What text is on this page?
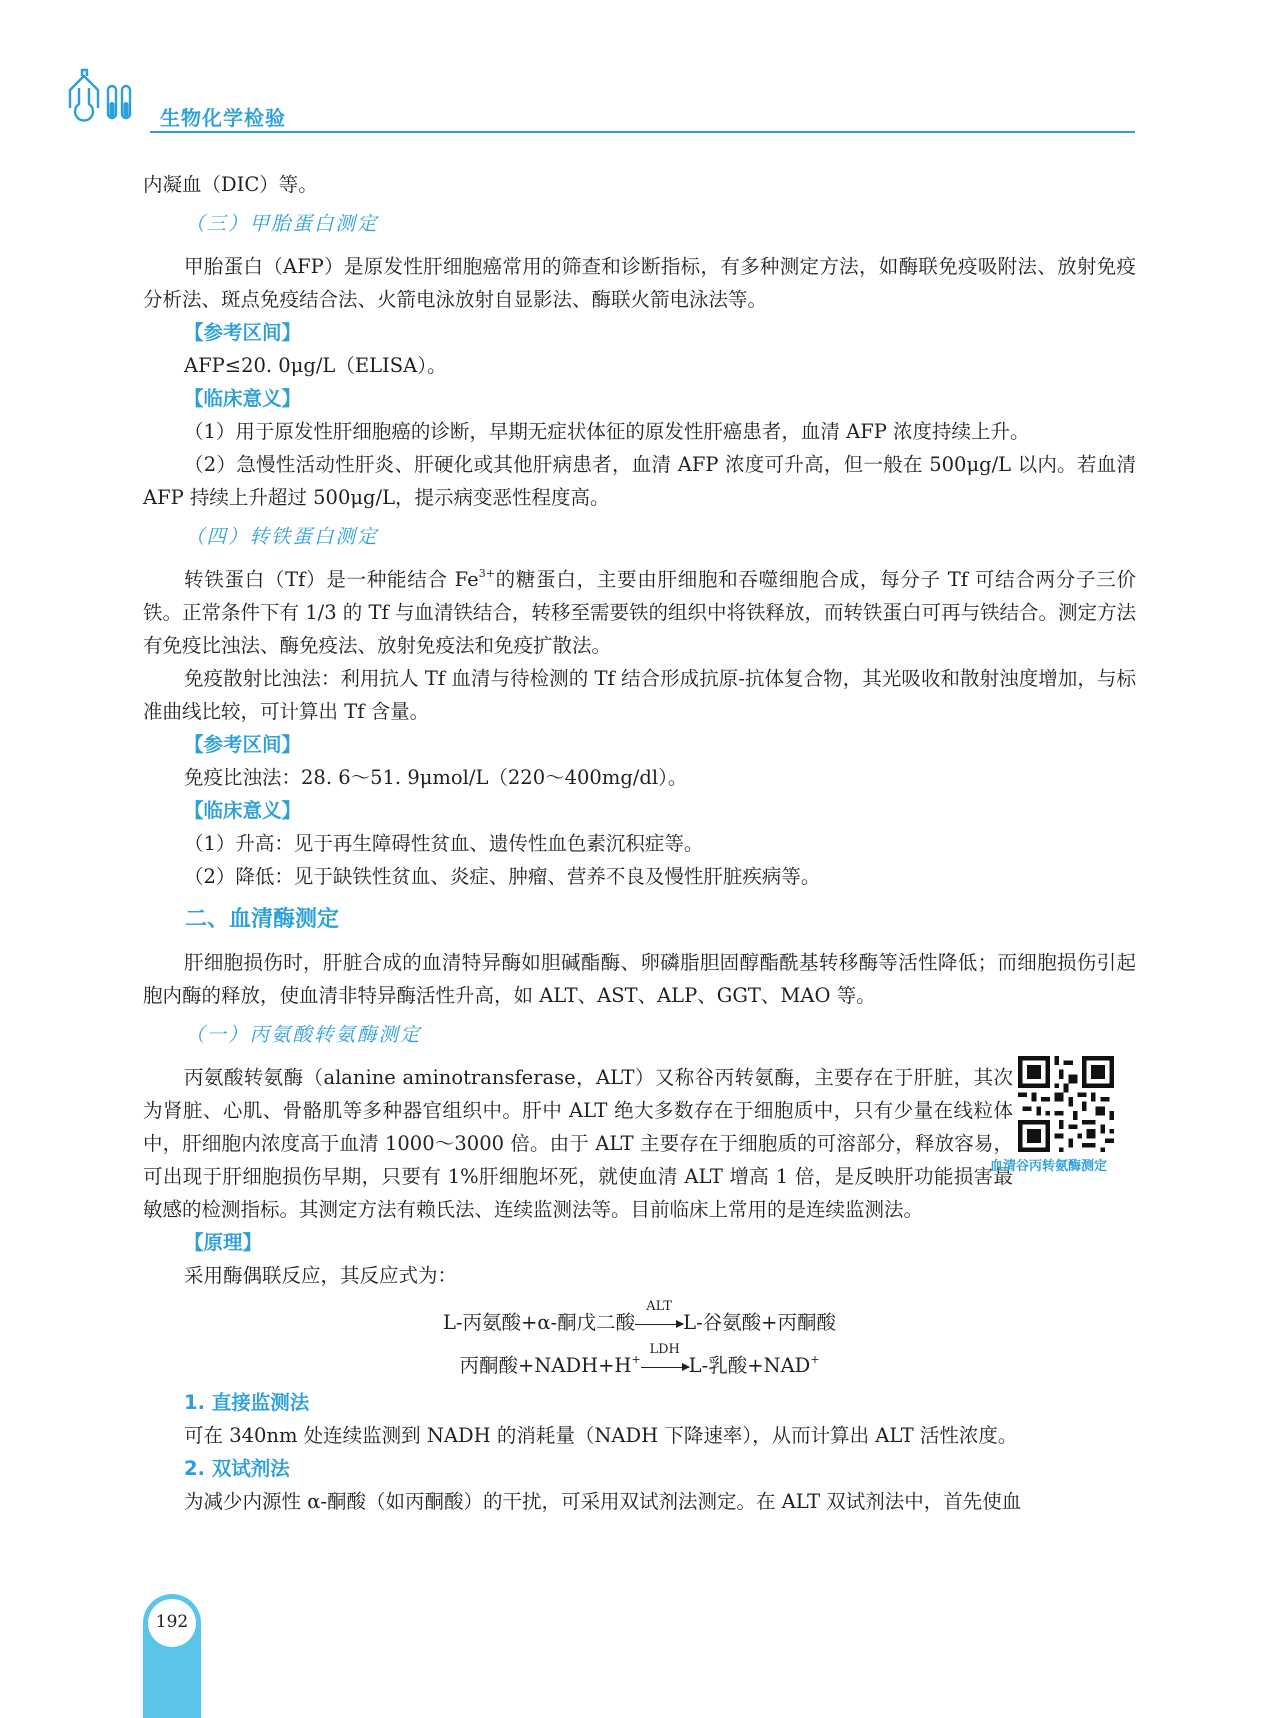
生物化学检验

内凝血（DIC）等。

（三）甲胎蛋白测定

甲胎蛋白（AFP）是原发性肝细胞癌常用的筛查和诊断指标，有多种测定方法，如酶联免疫吸附法、放射免疫分析法、斑点免疫结合法、火箭电泳放射自显影法、酶联火箭电泳法等。

【参考区间】

AFP≤20. 0μg/L（ELISA）。

【临床意义】

（1）用于原发性肝细胞癌的诊断，早期无症状体征的原发性肝癌患者，血清 AFP 浓度持续上升。

（2）急慢性活动性肝炎、肝硬化或其他肝病患者，血清 AFP 浓度可升高，但一般在 500μg/L 以内。若血清 AFP 持续上升超过 500μg/L，提示病变恶性程度高。

（四）转铁蛋白测定

转铁蛋白（Tf）是一种能结合 $Fe^{3+}$的糖蛋白，主要由肝细胞和吞噬细胞合成，每分子 Tf 可结合两分子三价铁。正常条件下有 1/3 的 Tf 与血清铁结合，转移至需要铁的组织中将铁释放，而转铁蛋白可再与铁结合。测定方法有免疫比浊法、酶免疫法、放射免疫法和免疫扩散法。

免疫散射比浊法：利用抗人 Tf 血清与待检测的 Tf 结合形成抗原-抗体复合物，其光吸收和散射浊度增加，与标准曲线比较，可计算出 Tf 含量。

【参考区间】

免疫比浊法：28. 6～51. 9μmol/L（220～400mg/dl）。

【临床意义】

（1）升高：见于再生障碍性贫血、遗传性血色素沉积症等。

（2）降低：见于缺铁性贫血、炎症、肿瘤、营养不良及慢性肝脏疾病等。

二、血清酶测定

肝细胞损伤时，肝脏合成的血清特异酶如胆碱酯酶、卵磷脂胆固醇酯酰基转移酶等活性降低；而细胞损伤引起胞内酶的释放，使血清非特异酶活性升高，如 ALT、AST、ALP、GGT、MAO 等。

（一）丙氨酸转氨酶测定

丙氨酸转氨酶（alanine aminotransferase，ALT）又称谷丙转氨酶，主要存在于肝脏，其次为肾脏、心肌、骨骼肌等多种器官组织中。肝中 ALT 绝大多数存在于细胞质中，只有少量在线粒体中，肝细胞内浓度高于血清 1000～3000 倍。由于 ALT 主要存在于细胞质的可溶部分，释放容易，可出现于肝细胞损伤早期，只要有 1%肝细胞坏死，就使血清 ALT 增高 1 倍，是反映肝功能损害最敏感的检测指标。其测定方法有赖氏法、连续监测法等。目前临床上常用的是连续监测法。

【原理】

采用酶偶联反应，其反应式为：

L-丙氨酸+α-酮戊二酸
ALT
L-谷氨酸+丙酮酸

丙酮酸+NADH+H+
LDH
L-乳酸+NAD+

1. 直接监测法

可在 340nm 处连续监测到 NADH 的消耗量（NADH 下降速率），从而计算出 ALT 活性浓度。

2. 双试剂法

为减少内源性 α-酮酸（如丙酮酸）的干扰，可采用双试剂法测定。在 ALT 双试剂法中，首先使血

血清谷丙转氨酶测定
192
